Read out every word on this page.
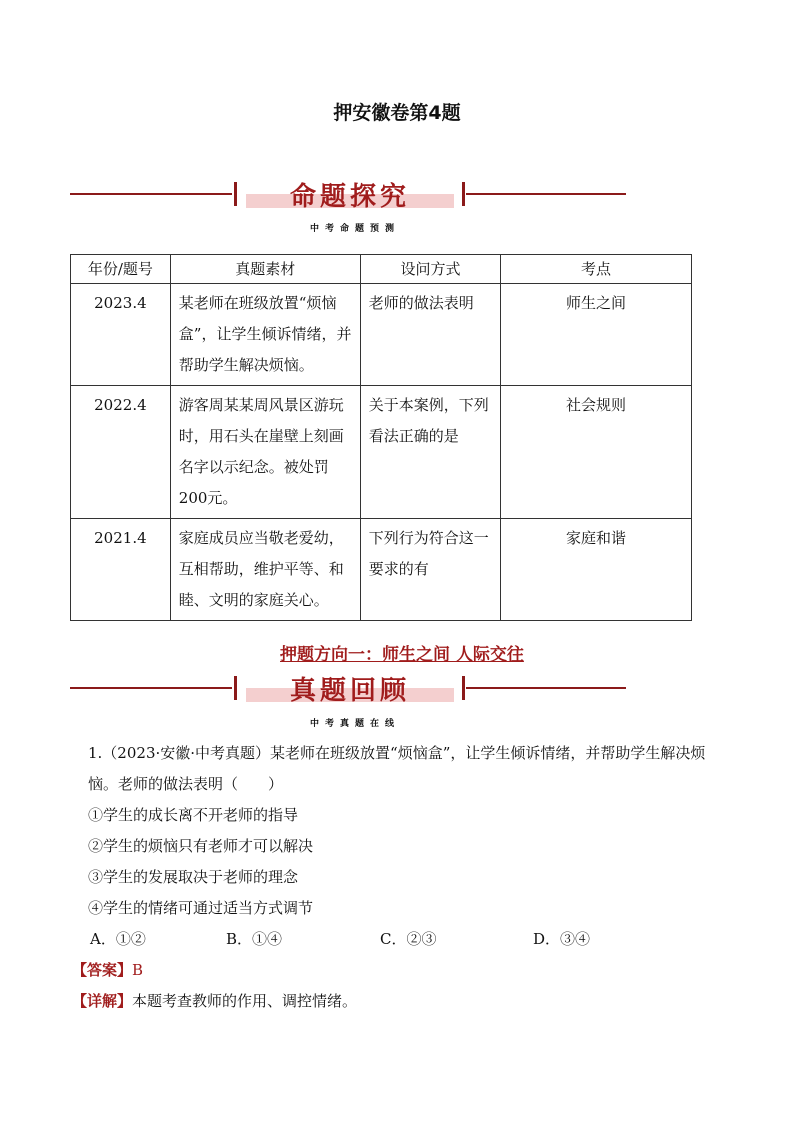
押安徽卷第4题
命题探究
中考命题预测
年份/题号	真题素材	设问方式	考点
2023.4	某老师在班级放置“烦恼盒”，让学生倾诉情绪，并帮助学生解决烦恼。	老师的做法表明	师生之间
2022.4	游客周某某周风景区游玩时，用石头在崖壁上刻画名字以示纪念。被处罚200元。	关于本案例，下列看法正确的是	社会规则
2021.4	家庭成员应当敬老爱幼，互相帮助，维护平等、和睦、文明的家庭关心。	下列行为符合这一要求的有	家庭和谐
押题方向一：师生之间 人际交往
真题回顾
中考真题在线
1.（2023·安徽·中考真题）某老师在班级放置“烦恼盒”，让学生倾诉情绪，并帮助学生解决烦
恼。老师的做法表明（　　）
①学生的成长离不开老师的指导
②学生的烦恼只有老师才可以解决
③学生的发展取决于老师的理念
④学生的情绪可通过适当方式调节
A．①②	B．①④	C．②③	D．③④
【答案】B
【详解】本题考查教师的作用、调控情绪。
